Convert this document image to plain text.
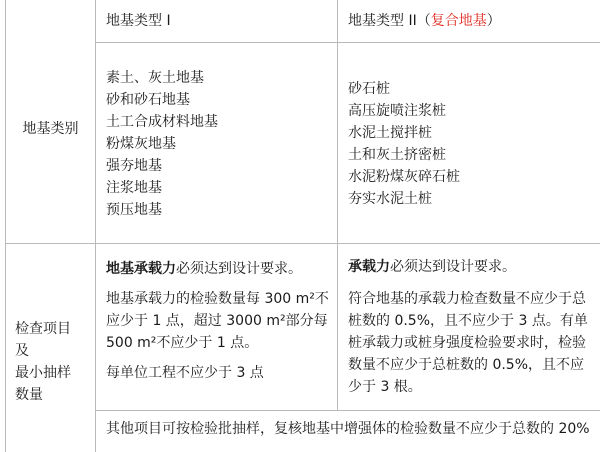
地基类型 I	地基类型 II（复合地基）
地基类别
素土、灰土地基
砂和砂石地基
土工合成材料地基
粉煤灰地基
强夯地基
注浆地基
预压地基
砂石桩
高压旋喷注浆桩
水泥土搅拌桩
土和灰土挤密桩
水泥粉煤灰碎石桩
夯实水泥土桩
检查项目
及
最小抽样
数量

地基承载力必须达到设计要求。

地基承载力的检验数量每 300 m²不应少于 1 点，超过 3000 m²部分每 500 m²不应少于 1 点。

每单位工程不应少于 3 点

承载力必须达到设计要求。

符合地基的承载力检查数量不应少于总桩数的 0.5%，且不应少于 3 点。有单桩承载力或桩身强度检验要求时，检验数量不应少于总桩数的 0.5%，且不应少于 3 根。

其他项目可按检验批抽样，复核地基中增强体的检验数量不应少于总数的 20%
